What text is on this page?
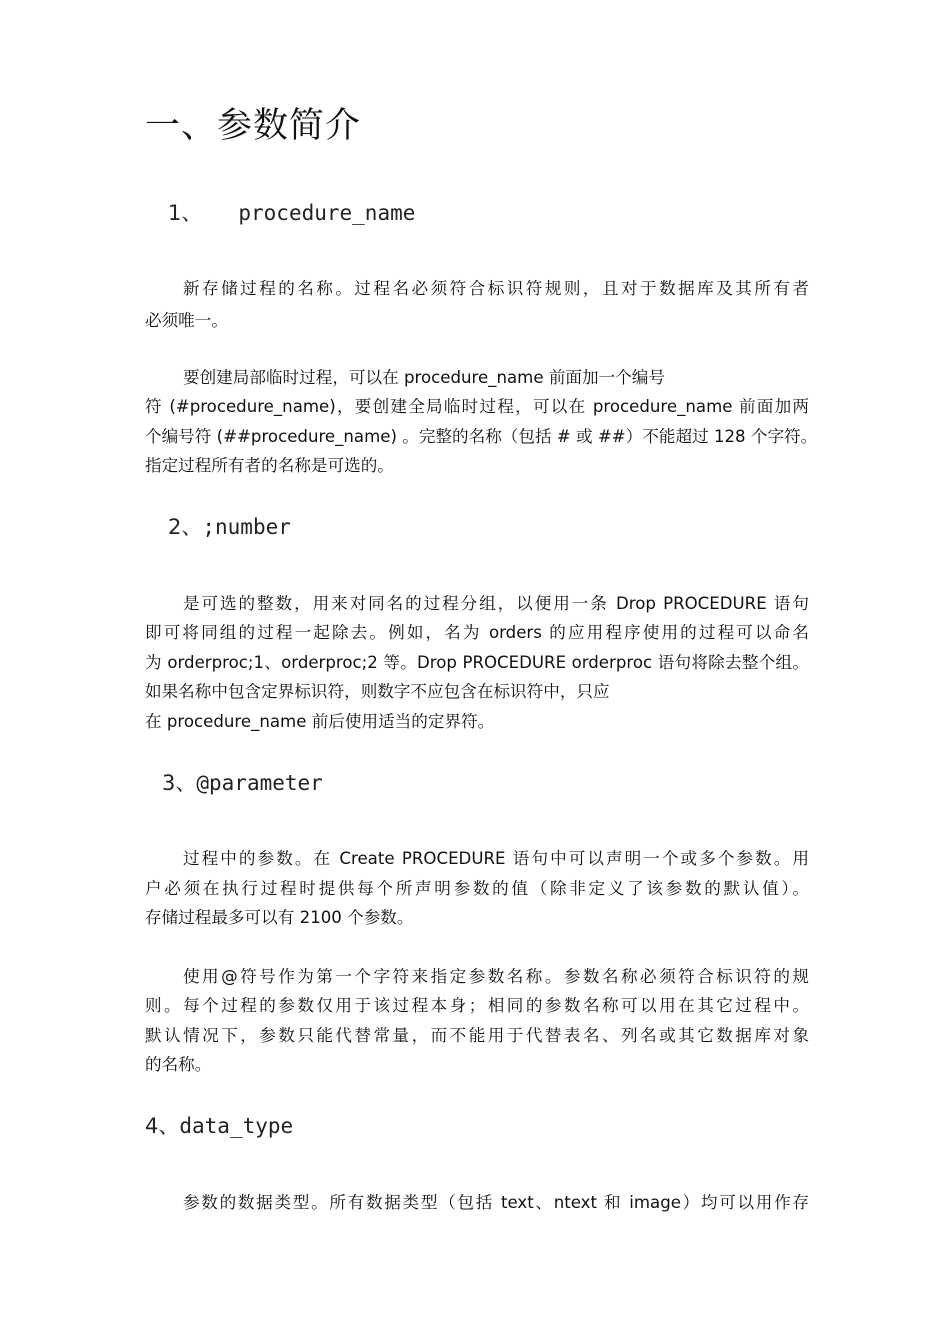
一、参数简介
1、 procedure_name
新存储过程的名称。过程名必须符合标识符规则，且对于数据库及其所有者
必须唯一。
要创建局部临时过程，可以在 procedure_name 前面加一个编号
符 (#procedure_name)，要创建全局临时过程，可以在 procedure_name 前面加两
个编号符 (##procedure_name) 。完整的名称（包括 # 或 ##）不能超过 128 个字符。
指定过程所有者的名称是可选的。
2、;number
是可选的整数，用来对同名的过程分组，以便用一条 Drop PROCEDURE 语句
即可将同组的过程一起除去。例如，名为 orders 的应用程序使用的过程可以命名
为 orderproc;1、orderproc;2 等。Drop PROCEDURE orderproc 语句将除去整个组。
如果名称中包含定界标识符，则数字不应包含在标识符中，只应
在 procedure_name 前后使用适当的定界符。
3、@parameter
过程中的参数。在 Create PROCEDURE 语句中可以声明一个或多个参数。用
户必须在执行过程时提供每个所声明参数的值（除非定义了该参数的默认值）。
存储过程最多可以有 2100 个参数。
使用@符号作为第一个字符来指定参数名称。参数名称必须符合标识符的规
则。每个过程的参数仅用于该过程本身；相同的参数名称可以用在其它过程中。
默认情况下，参数只能代替常量，而不能用于代替表名、列名或其它数据库对象
的名称。
4、data_type
参数的数据类型。所有数据类型（包括 text、ntext 和 image）均可以用作存
